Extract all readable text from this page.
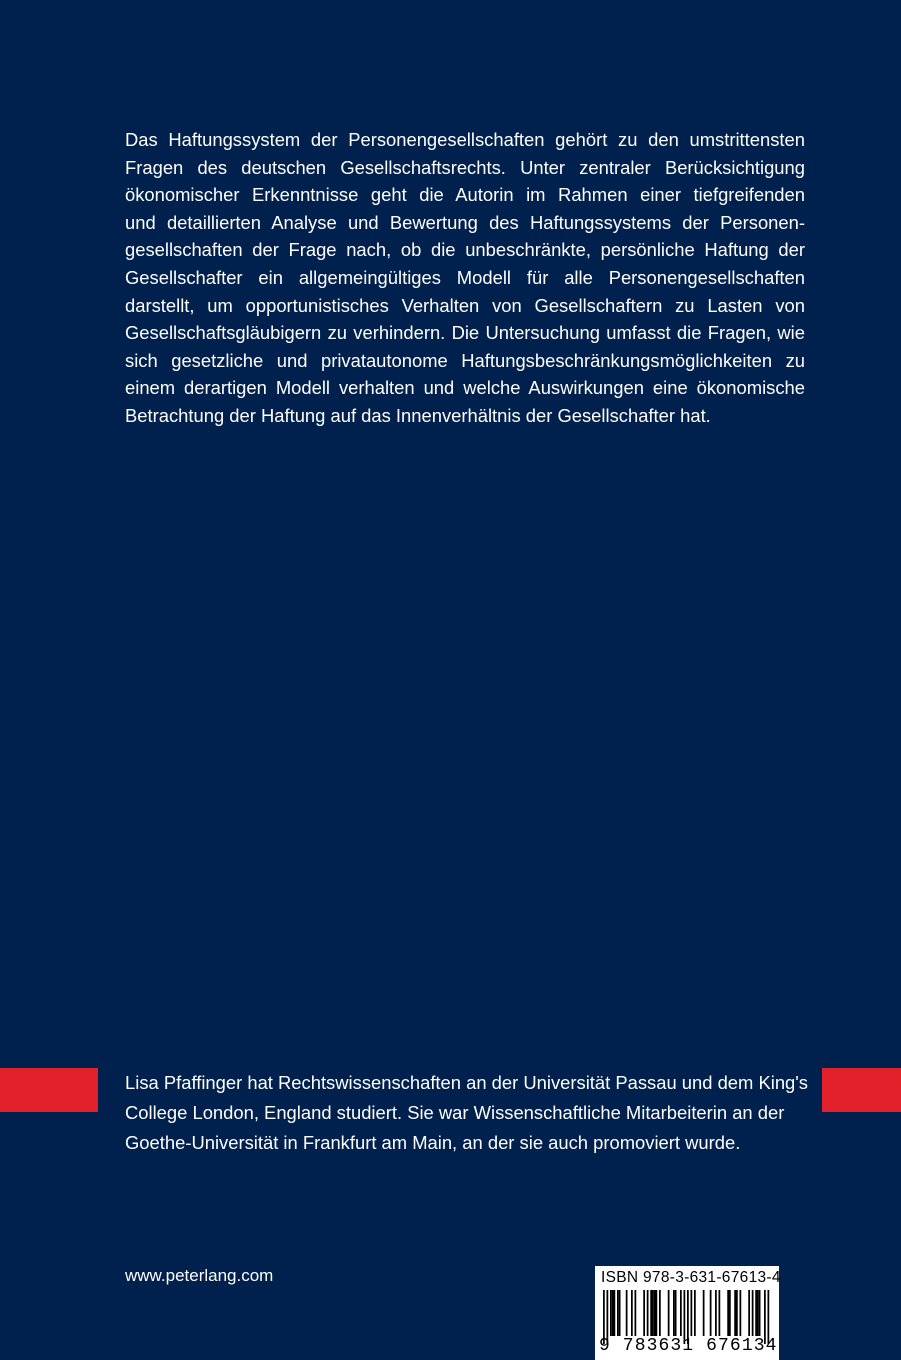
Das Haftungssystem der Personengesellschaften gehört zu den umstrittensten
Fragen des deutschen Gesellschaftsrechts. Unter zentraler Berücksichtigung
ökonomischer Erkenntnisse geht die Autorin im Rahmen einer tiefgreifenden
und detaillierten Analyse und Bewertung des Haftungssystems der Personen-
gesellschaften der Frage nach, ob die unbeschränkte, persönliche Haftung der
Gesellschafter ein allgemeingültiges Modell für alle Personengesellschaften
darstellt, um opportunistisches Verhalten von Gesellschaftern zu Lasten von
Gesellschaftsgläubigern zu verhindern. Die Untersuchung umfasst die Fragen, wie
sich gesetzliche und privatautonome Haftungsbeschränkungsmöglichkeiten zu
einem derartigen Modell verhalten und welche Auswirkungen eine ökonomische
Betrachtung der Haftung auf das Innenverhältnis der Gesellschafter hat.
Lisa Pfaffinger hat Rechtswissenschaften an der Universität Passau und dem King's
College London, England studiert. Sie war Wissenschaftliche Mitarbeiterin an der
Goethe-Universität in Frankfurt am Main, an der sie auch promoviert wurde.

www.peterlang.com	ISBN 978-3-631-67613-4
9 783631 676134
